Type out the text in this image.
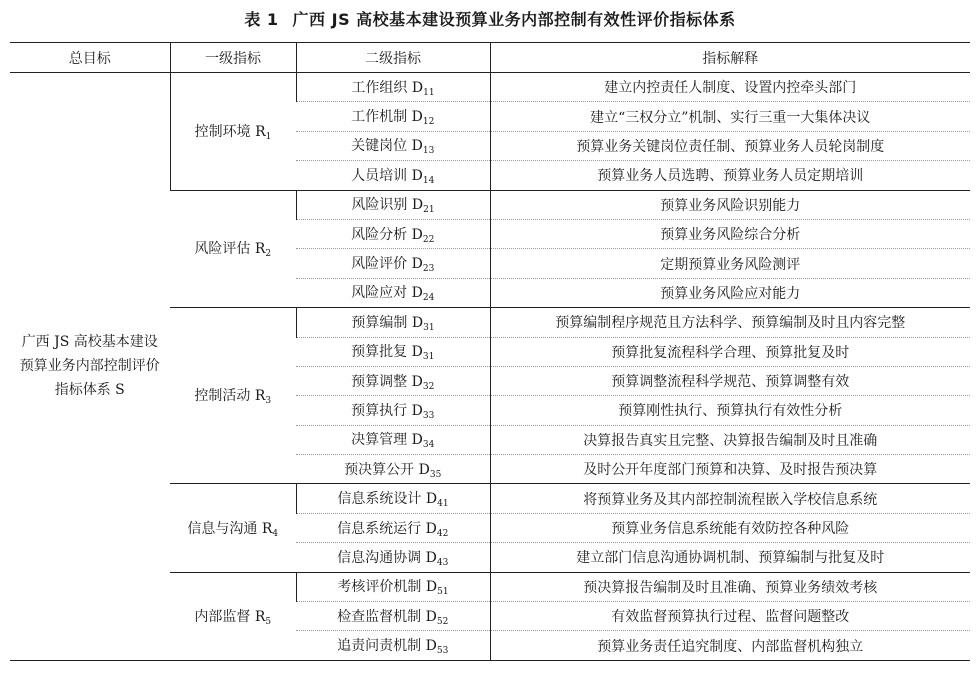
表 1 广西 JS 高校基本建设预算业务内部控制有效性评价指标体系
总目标	一级指标	二级指标	指标解释
广西 JS 高校基本建设预算业务内部控制评价指标体系 S	控制环境 $R_1$	工作组织 $D_{11}$	建立内控责任人制度、设置内控牵头部门
		工作机制 $D_{12}$	建立“三权分立”机制、实行三重一大集体决议
		关键岗位 $D_{13}$	预算业务关键岗位责任制、预算业务人员轮岗制度
		人员培训 $D_{14}$	预算业务人员选聘、预算业务人员定期培训
	风险评估 $R_2$	风险识别 $D_{21}$	预算业务风险识别能力
		风险分析 $D_{22}$	预算业务风险综合分析
		风险评价 $D_{23}$	定期预算业务风险测评
		风险应对 $D_{24}$	预算业务风险应对能力
	控制活动 $R_3$	预算编制 $D_{31}$	预算编制程序规范且方法科学、预算编制及时且内容完整
		预算批复 $D_{31}$	预算批复流程科学合理、预算批复及时
		预算调整 $D_{32}$	预算调整流程科学规范、预算调整有效
		预算执行 $D_{33}$	预算刚性执行、预算执行有效性分析
		决算管理 $D_{34}$	决算报告真实且完整、决算报告编制及时且准确
		预决算公开 $D_{35}$	及时公开年度部门预算和决算、及时报告预决算
	信息与沟通 $R_4$	信息系统设计 $D_{41}$	将预算业务及其内部控制流程嵌入学校信息系统
		信息系统运行 $D_{42}$	预算业务信息系统能有效防控各种风险
		信息沟通协调 $D_{43}$	建立部门信息沟通协调机制、预算编制与批复及时
	内部监督 $R_5$	考核评价机制 $D_{51}$	预决算报告编制及时且准确、预算业务绩效考核
		检查监督机制 $D_{52}$	有效监督预算执行过程、监督问题整改
		追责问责机制 $D_{53}$	预算业务责任追究制度、内部监督机构独立
